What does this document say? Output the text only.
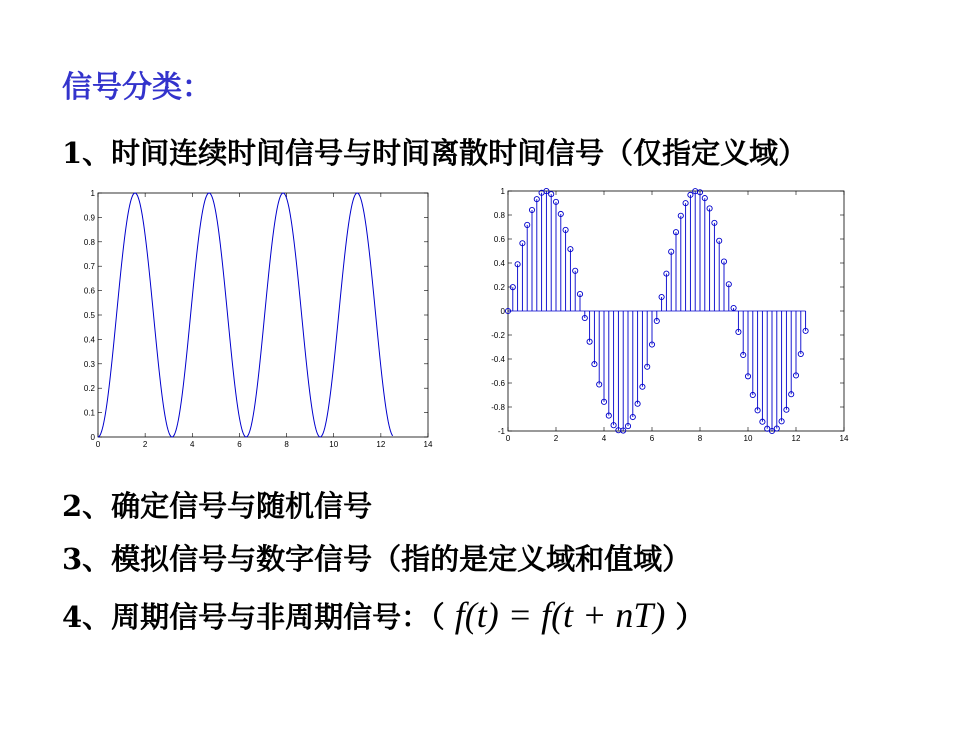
信号分类：
1、时间连续时间信号与时间离散时间信号（仅指定义域）
0	2	4	6	8	10	12	14
0
0.1
0.2
0.3
0.4
0.5
0.6
0.7
0.8
0.9
1
0	2	4	6	8	10	12	14
-1
-0.8
-0.6
-0.4
-0.2
0
0.2
0.4
0.6
0.8
1
2、确定信号与随机信号
3、模拟信号与数字信号（指的是定义域和值域）
4、周期信号与非周期信号：（ f(t) = f(t + nT) ）
